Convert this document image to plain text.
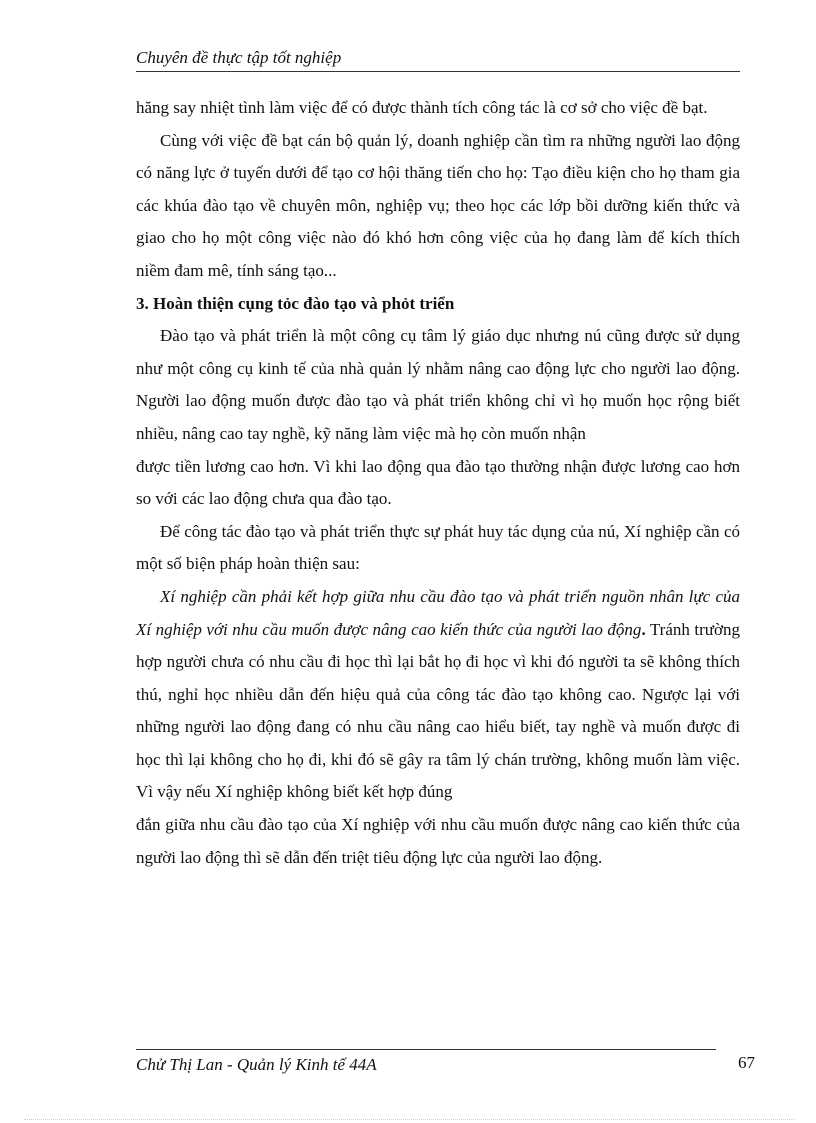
Chuyên đề thực tập tốt nghiệp

hăng say nhiệt tình làm việc để có được thành tích công tác là cơ sở cho việc đề bạt.

Cùng với việc đề bạt cán bộ quản lý, doanh nghiệp cần tìm ra những người lao động có năng lực ở tuyến dưới để tạo cơ hội thăng tiến cho họ: Tạo điều kiện cho họ tham gia các khúa đào tạo về chuyên môn, nghiệp vụ; theo học các lớp bồi dưỡng kiến thức và giao cho họ một công việc nào đó khó hơn công việc của họ đang làm để kích thích niềm đam mê, tính sáng tạo...

3. Hoàn thiện cụng tỏc đào tạo và phỏt triển

Đào tạo và phát triển là một công cụ tâm lý giáo dục nhưng nú cũng được sử dụng như một công cụ kinh tế của nhà quản lý nhằm nâng cao động lực cho người lao động. Người lao động muốn được đào tạo và phát triển không chỉ vì họ muốn học rộng biết nhiều, nâng cao tay nghề, kỹ năng làm việc mà họ còn muốn nhận

được tiền lương cao hơn. Vì khi lao động qua đào tạo thường nhận được lương cao hơn so với các lao động chưa qua đào tạo.

Để công tác đào tạo và phát triển thực sự phát huy tác dụng của nú, Xí nghiệp cần có một số biện pháp hoàn thiện sau:

Xí nghiệp cần phải kết hợp giữa nhu cầu đào tạo và phát triển nguồn nhân lực của Xí nghiệp với nhu cầu muốn được nâng cao kiến thức của người lao động. Tránh trường hợp người chưa có nhu cầu đi học thì lại bắt họ đi học vì khi đó người ta sẽ không thích thú, nghỉ học nhiều dẫn đến hiệu quả của công tác đào tạo không cao. Ngược lại với những người lao động đang có nhu cầu nâng cao hiểu biết, tay nghề và muốn được đi học thì lại không cho họ đi, khi đó sẽ gây ra tâm lý chán trường, không muốn làm việc. Vì vậy nếu Xí nghiệp không biết kết hợp đúng

đắn giữa nhu cầu đào tạo của Xí nghiệp với nhu cầu muốn được nâng cao kiến thức của người lao động thì sẽ dẫn đến triệt tiêu động lực của người lao động.

Chử Thị Lan - Quản lý Kinh tế 44A	67
